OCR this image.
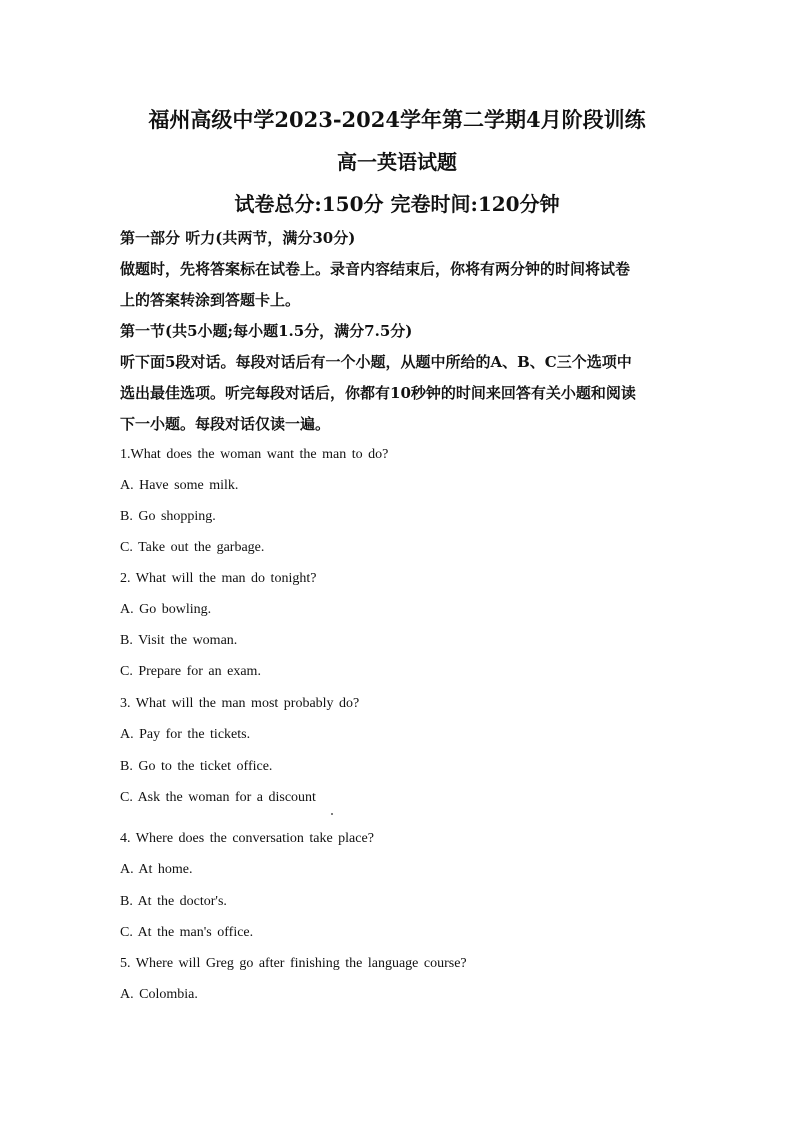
福州高级中学2023-2024学年第二学期4月阶段训练
高一英语试题
试卷总分:150分 完卷时间:120分钟
第一部分 听力(共两节，满分30分)
做题时，先将答案标在试卷上。录音内容结束后，你将有两分钟的时间将试卷
上的答案转涂到答题卡上。
第一节(共5小题;每小题1.5分，满分7.5分)
听下面5段对话。每段对话后有一个小题，从题中所给的A、B、C三个选项中
选出最佳选项。听完每段对话后，你都有10秒钟的时间来回答有关小题和阅读
下一小题。每段对话仅读一遍。
1.What does the woman want the man to do?
A. Have some milk.
B. Go shopping.
C. Take out the garbage.
2. What will the man do tonight?
A. Go bowling.
B. Visit the woman.
C. Prepare for an exam.
3. What will the man most probably do?
A. Pay for the tickets.
B. Go to the ticket office.
C. Ask the woman for a discount
4. Where does the conversation take place?
A. At home.
B. At the doctor's.
C. At the man's office.
5. Where will Greg go after finishing the language course?
A. Colombia.
